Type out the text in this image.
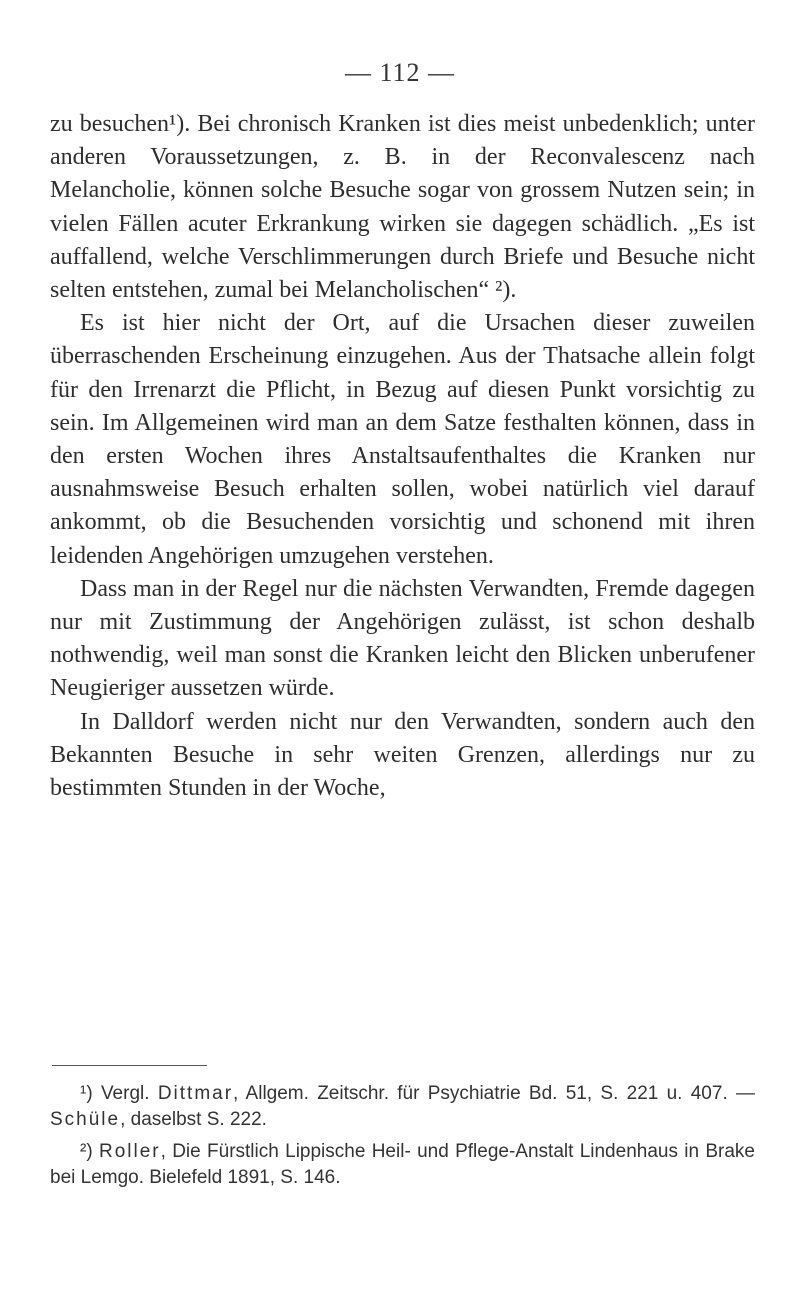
— 112 —

zu besuchen¹). Bei chronisch Kranken ist dies meist unbedenklich; unter anderen Voraussetzungen, z. B. in der Reconvalescenz nach Melancholie, können solche Besuche sogar von grossem Nutzen sein; in vielen Fällen acuter Erkrankung wirken sie dagegen schädlich. „Es ist auffallend, welche Verschlimmerungen durch Briefe und Besuche nicht selten entstehen, zumal bei Melancholischen“ ²).

Es ist hier nicht der Ort, auf die Ursachen dieser zuweilen überraschenden Erscheinung einzugehen. Aus der Thatsache allein folgt für den Irrenarzt die Pflicht, in Bezug auf diesen Punkt vorsichtig zu sein. Im Allgemeinen wird man an dem Satze festhalten können, dass in den ersten Wochen ihres Anstaltsaufenthaltes die Kranken nur ausnahmsweise Besuch erhalten sollen, wobei natürlich viel darauf ankommt, ob die Besuchenden vorsichtig und schonend mit ihren leidenden Angehörigen umzugehen verstehen.

Dass man in der Regel nur die nächsten Verwandten, Fremde dagegen nur mit Zustimmung der Angehörigen zulässt, ist schon deshalb nothwendig, weil man sonst die Kranken leicht den Blicken unberufener Neugieriger aussetzen würde.

In Dalldorf werden nicht nur den Verwandten, sondern auch den Bekannten Besuche in sehr weiten Grenzen, allerdings nur zu bestimmten Stunden in der Woche,

¹) Vergl. Dittmar, Allgem. Zeitschr. für Psychiatrie Bd. 51, S. 221 u. 407. — Schüle, daselbst S. 222.

²) Roller, Die Fürstlich Lippische Heil- und Pflege-Anstalt Lindenhaus in Brake bei Lemgo. Bielefeld 1891, S. 146.
